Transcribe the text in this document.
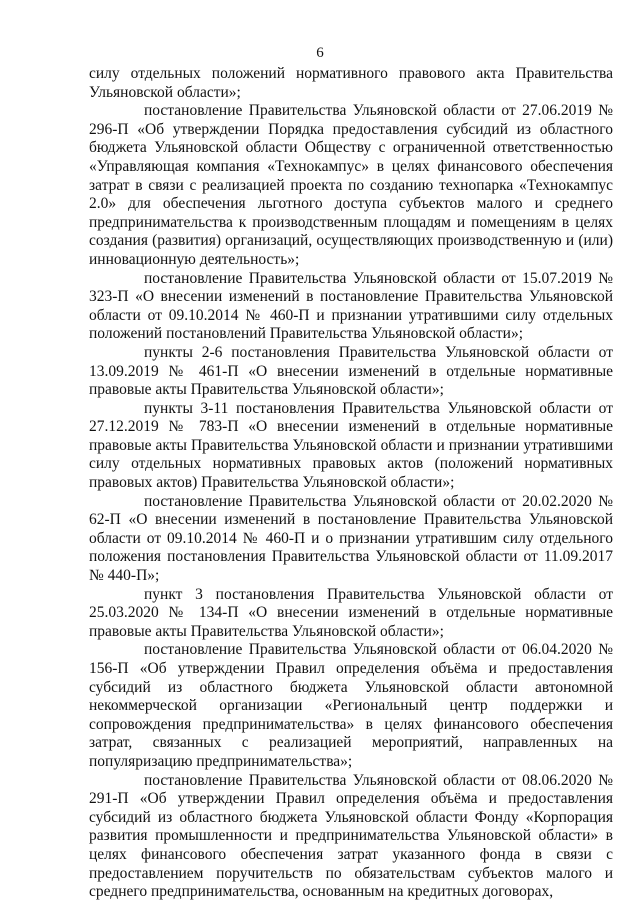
6

силу отдельных положений нормативного правового акта Правительства Ульяновской области»;

постановление Правительства Ульяновской области от 27.06.2019 № 296-П «Об утверждении Порядка предоставления субсидий из областного бюджета Ульяновской области Обществу с ограниченной ответственностью «Управляющая компания «Технокампус» в целях финансового обеспечения затрат в связи с реализацией проекта по созданию технопарка «Технокампус 2.0» для обеспечения льготного доступа субъектов малого и среднего предпринимательства к производственным площадям и помещениям в целях создания (развития) организаций, осуществляющих производственную и (или) инновационную деятельность»;

постановление Правительства Ульяновской области от 15.07.2019 № 323-П «О внесении изменений в постановление Правительства Ульяновской области от 09.10.2014 № 460-П и признании утратившими силу отдельных положений постановлений Правительства Ульяновской области»;

пункты 2-6 постановления Правительства Ульяновской области от 13.09.2019 № 461-П «О внесении изменений в отдельные нормативные правовые акты Правительства Ульяновской области»;

пункты 3-11 постановления Правительства Ульяновской области от 27.12.2019 № 783-П «О внесении изменений в отдельные нормативные правовые акты Правительства Ульяновской области и признании утратившими силу отдельных нормативных правовых актов (положений нормативных правовых актов) Правительства Ульяновской области»;

постановление Правительства Ульяновской области от 20.02.2020 № 62-П «О внесении изменений в постановление Правительства Ульяновской области от 09.10.2014 № 460-П и о признании утратившим силу отдельного положения постановления Правительства Ульяновской области от 11.09.2017 № 440-П»;

пункт 3 постановления Правительства Ульяновской области от 25.03.2020 № 134-П «О внесении изменений в отдельные нормативные правовые акты Правительства Ульяновской области»;

постановление Правительства Ульяновской области от 06.04.2020 № 156-П «Об утверждении Правил определения объёма и предоставления субсидий из областного бюджета Ульяновской области автономной некоммерческой организации «Региональный центр поддержки и сопровождения предпринимательства» в целях финансового обеспечения затрат, связанных с реализацией мероприятий, направленных на популяризацию предпринимательства»;

постановление Правительства Ульяновской области от 08.06.2020 № 291-П «Об утверждении Правил определения объёма и предоставления субсидий из областного бюджета Ульяновской области Фонду «Корпорация развития промышленности и предпринимательства Ульяновской области» в целях финансового обеспечения затрат указанного фонда в связи с предоставлением поручительств по обязательствам субъектов малого и среднего предпринимательства, основанным на кредитных договорах,
